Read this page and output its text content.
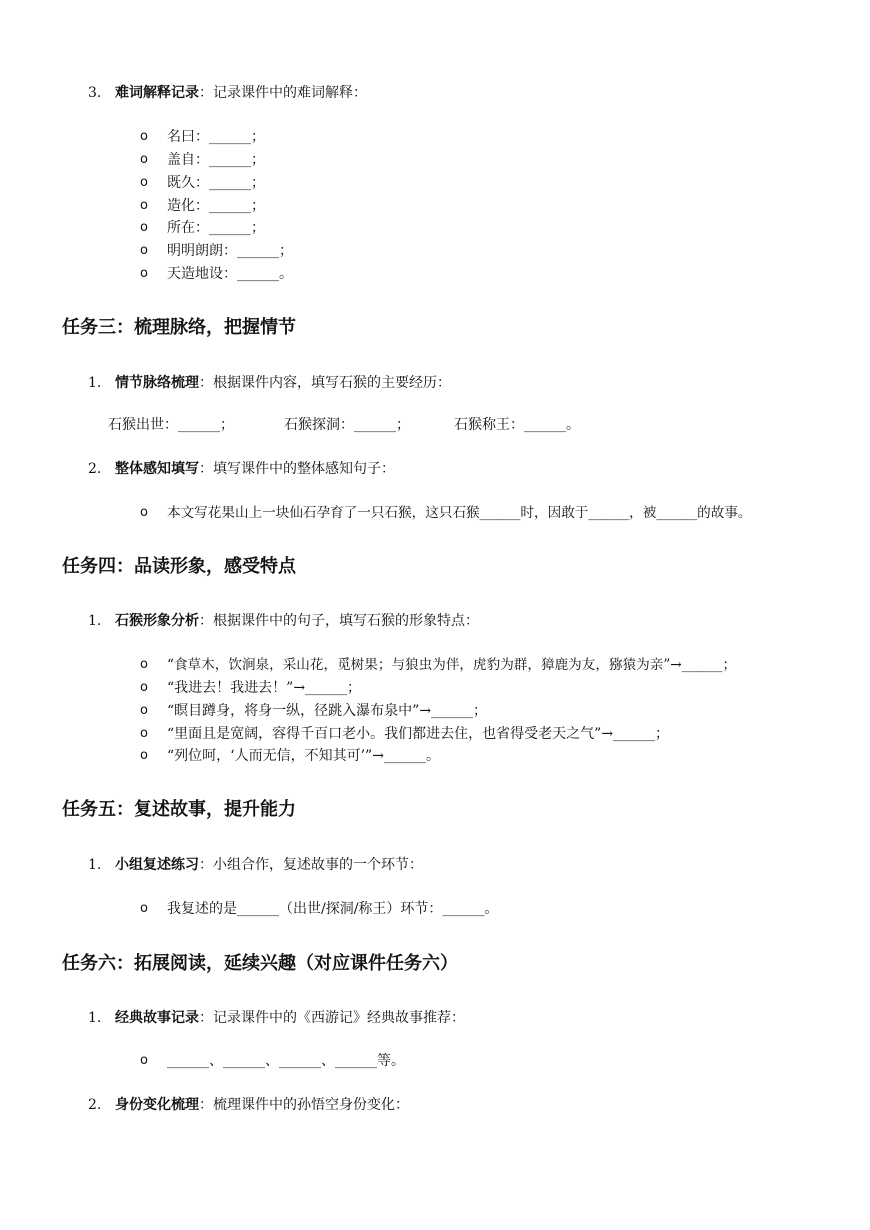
3. 难词解释记录：记录课件中的难词解释：
o 名曰：______；
o 盖自：______；
o 既久：______；
o 造化：______；
o 所在：______；
o 明明朗朗：______；
o 天造地设：______。
任务三：梳理脉络，把握情节
1. 情节脉络梳理：根据课件内容，填写石猴的主要经历：
石猴出世：______；	石猴探洞：______；	石猴称王：______。
2. 整体感知填写：填写课件中的整体感知句子：
o 本文写花果山上一块仙石孕育了一只石猴，这只石猴______时，因敢于______，被______的故事。
任务四：品读形象，感受特点
1. 石猴形象分析：根据课件中的句子，填写石猴的形象特点：
o “食草木，饮涧泉，采山花，觅树果；与狼虫为伴，虎豹为群，獐鹿为友，猕猿为亲”→______；
o “我进去！我进去！”→______；
o “瞑目蹲身，将身一纵，径跳入瀑布泉中”→______；
o “里面且是宽阔，容得千百口老小。我们都进去住，也省得受老天之气”→______；
o “列位呵，‘人而无信，不知其可’”→______。
任务五：复述故事，提升能力
1. 小组复述练习：小组合作，复述故事的一个环节：
o 我复述的是______（出世/探洞/称王）环节：______。
任务六：拓展阅读，延续兴趣（对应课件任务六）
1. 经典故事记录：记录课件中的《西游记》经典故事推荐：
o ______、______、______、______等。
2. 身份变化梳理：梳理课件中的孙悟空身份变化：
